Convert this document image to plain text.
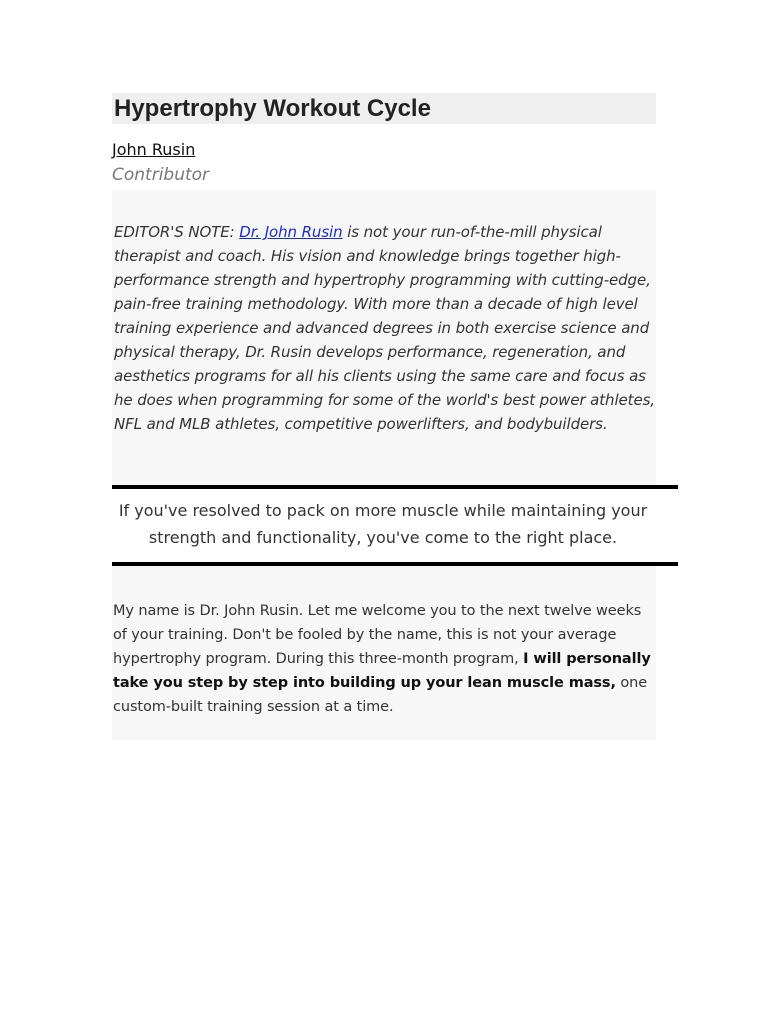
Hypertrophy Workout Cycle
John Rusin
Contributor

EDITOR'S NOTE: Dr. John Rusin is not your run-of-the-mill physical
therapist and coach. His vision and knowledge brings together high-
performance strength and hypertrophy programming with cutting-edge,
pain-free training methodology. With more than a decade of high level
training experience and advanced degrees in both exercise science and
physical therapy, Dr. Rusin develops performance, regeneration, and
aesthetics programs for all his clients using the same care and focus as
he does when programming for some of the world's best power athletes,
NFL and MLB athletes, competitive powerlifters, and bodybuilders.

If you've resolved to pack on more muscle while maintaining your
strength and functionality, you've come to the right place.

My name is Dr. John Rusin. Let me welcome you to the next twelve weeks
of your training. Don't be fooled by the name, this is not your average
hypertrophy program. During this three-month program, I will personally
take you step by step into building up your lean muscle mass, one
custom-built training session at a time.
